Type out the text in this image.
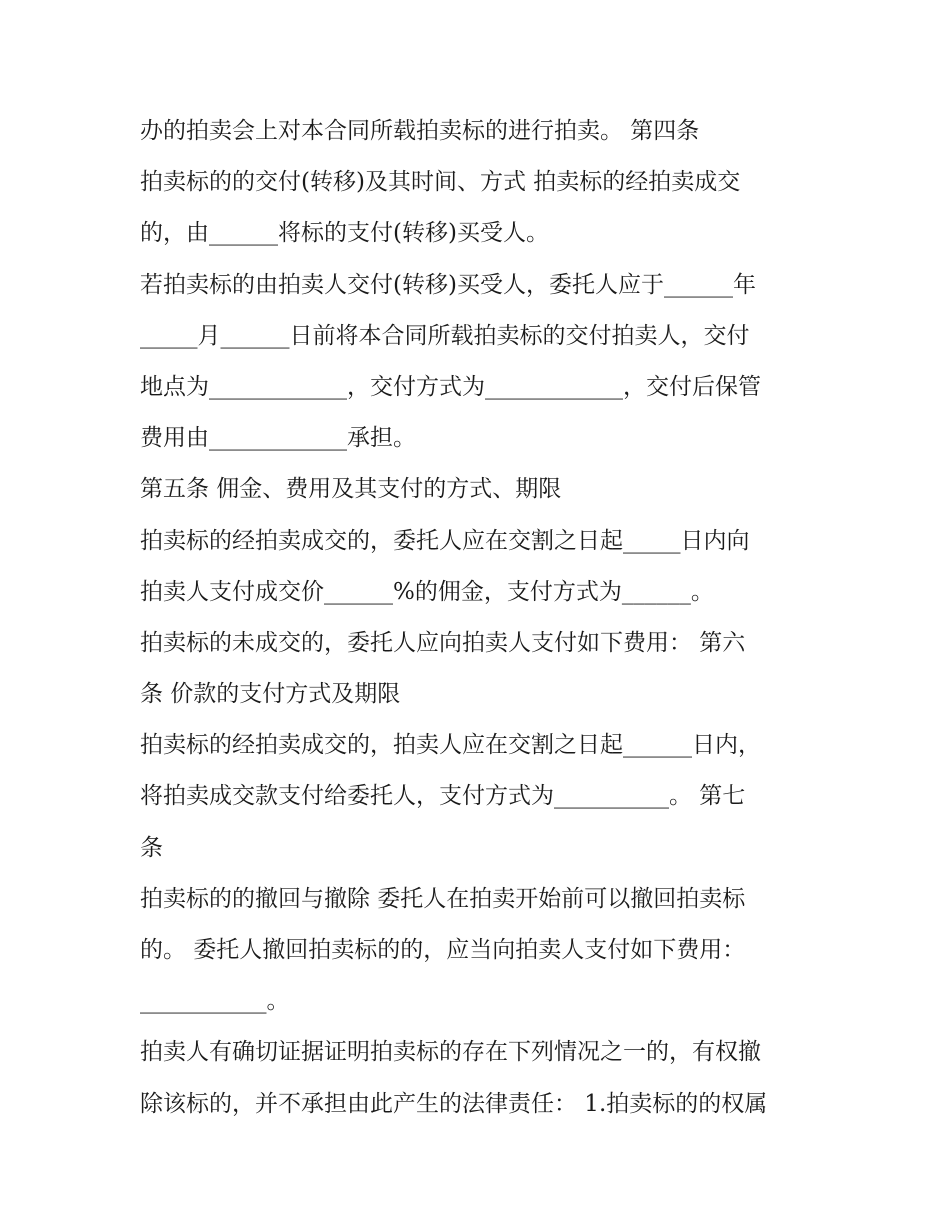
办的拍卖会上对本合同所载拍卖标的进行拍卖。 第四条

拍卖标的的交付(转移)及其时间、方式 拍卖标的经拍卖成交

的，由______将标的支付(转移)买受人。

若拍卖标的由拍卖人交付(转移)买受人，委托人应于______年

_____月______日前将本合同所载拍卖标的交付拍卖人，交付

地点为____________，交付方式为____________，交付后保管

费用由____________承担。

第五条 佣金、费用及其支付的方式、期限

拍卖标的经拍卖成交的，委托人应在交割之日起_____日内向

拍卖人支付成交价______%的佣金，支付方式为______。

拍卖标的未成交的，委托人应向拍卖人支付如下费用： 第六

条 价款的支付方式及期限

拍卖标的经拍卖成交的，拍卖人应在交割之日起______日内，

将拍卖成交款支付给委托人，支付方式为__________。 第七

条

拍卖标的的撤回与撤除 委托人在拍卖开始前可以撤回拍卖标

的。 委托人撤回拍卖标的的，应当向拍卖人支付如下费用：

___________。

拍卖人有确切证据证明拍卖标的存在下列情况之一的，有权撤

除该标的，并不承担由此产生的法律责任： 1.拍卖标的的权属
